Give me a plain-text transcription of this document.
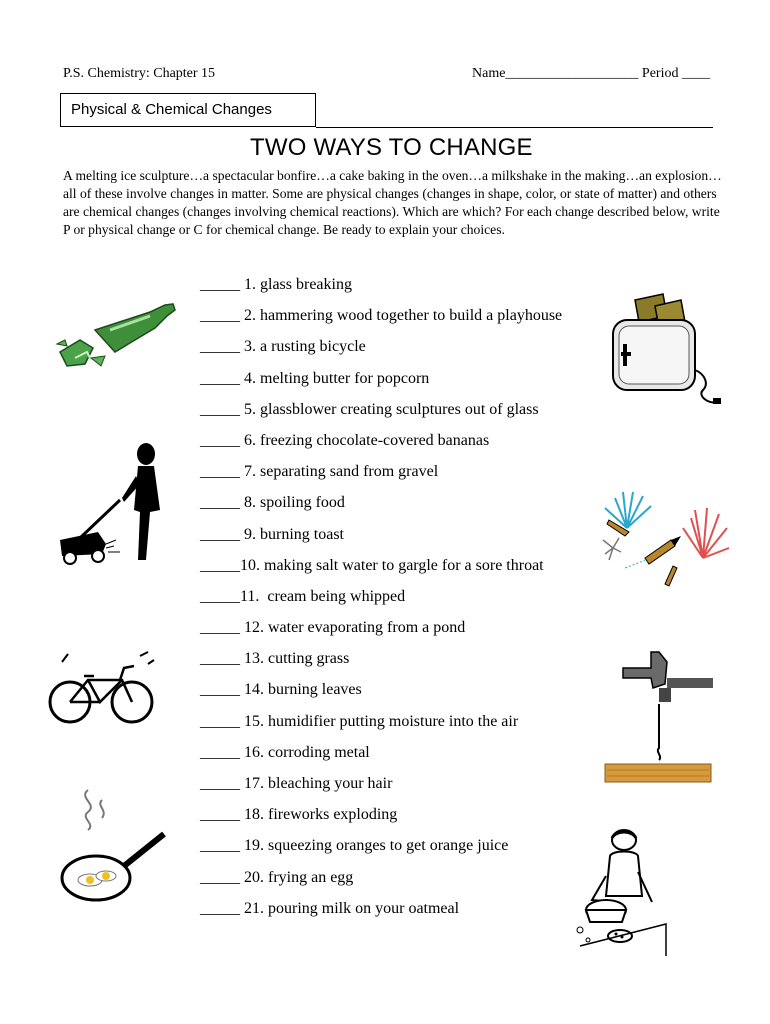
P.S. Chemistry: Chapter 15	Name___________________ Period ____
Physical & Chemical Changes
TWO WAYS TO CHANGE
A melting ice sculpture…a spectacular bonfire…a cake baking in the oven…a milkshake in the making…an explosion…all of these involve changes in matter. Some are physical changes (changes in shape, color, or state of matter) and others are chemical changes (changes involving chemical reactions). Which are which? For each change described below, write P or physical change or C for chemical change. Be ready to explain your choices.
_____ 1. glass breaking
_____ 2. hammering wood together to build a playhouse
_____ 3. a rusting bicycle
_____ 4. melting butter for popcorn
_____ 5. glassblower creating sculptures out of glass
_____ 6. freezing chocolate-covered bananas
_____ 7. separating sand from gravel
_____ 8. spoiling food
_____ 9. burning toast
_____10. making salt water to gargle for a sore throat
_____11.  cream being whipped
_____ 12. water evaporating from a pond
_____ 13. cutting grass
_____ 14. burning leaves
_____ 15. humidifier putting moisture into the air
_____ 16. corroding metal
_____ 17. bleaching your hair
_____ 18. fireworks exploding
_____ 19. squeezing oranges to get orange juice
_____ 20. frying an egg
_____ 21. pouring milk on your oatmeal
